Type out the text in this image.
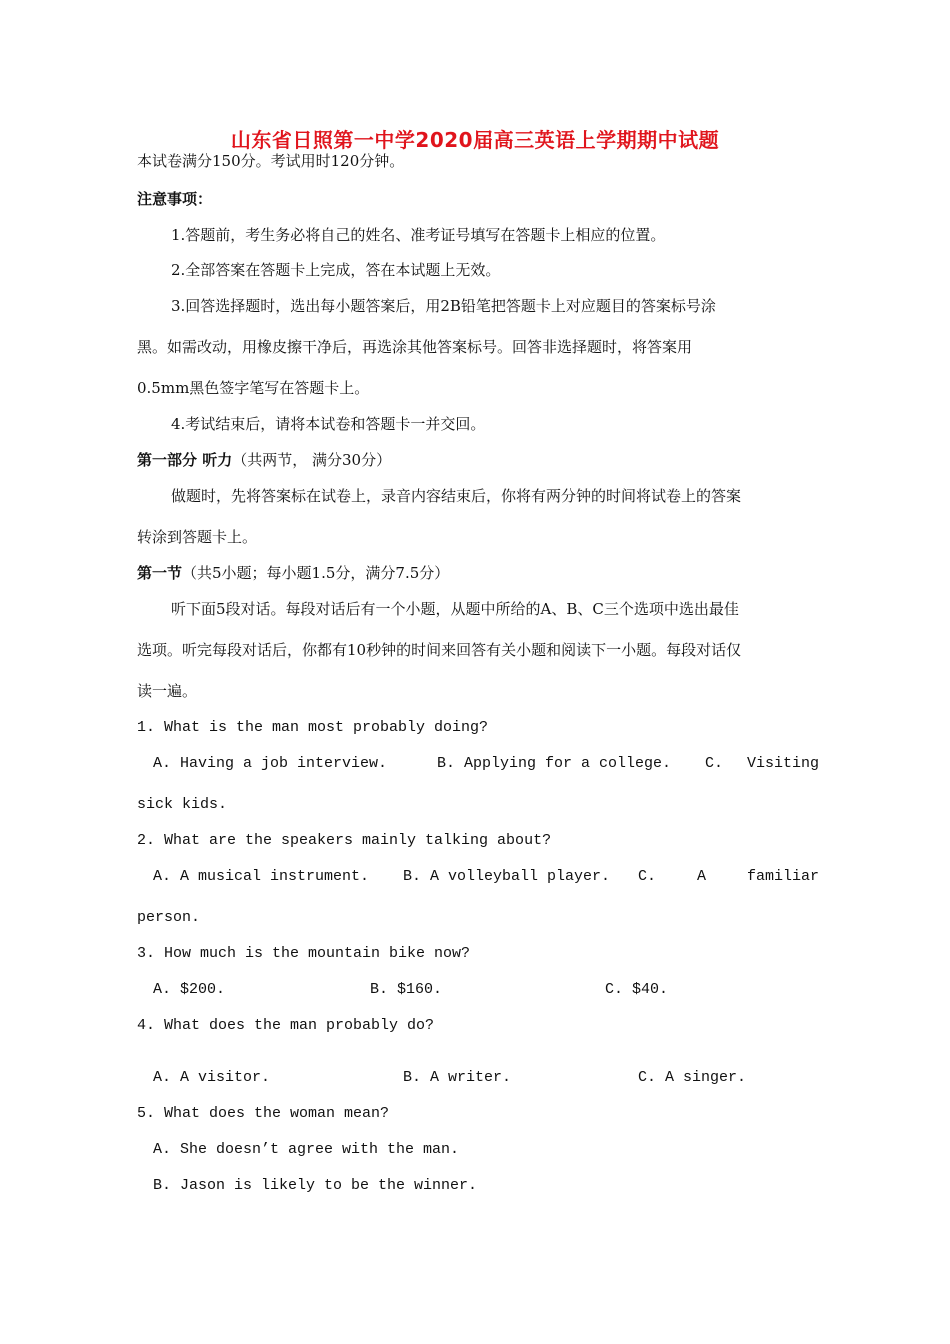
山东省日照第一中学2020届高三英语上学期期中试题
本试卷满分150分。考试用时120分钟。
注意事项：
1.答题前，考生务必将自己的姓名、准考证号填写在答题卡上相应的位置。
2.全部答案在答题卡上完成，答在本试题上无效。
3.回答选择题时，选出每小题答案后，用2B铅笔把答题卡上对应题目的答案标号涂
黑。如需改动，用橡皮擦干净后，再选涂其他答案标号。回答非选择题时，将答案用
0.5mm黑色签字笔写在答题卡上。
4.考试结束后，请将本试卷和答题卡一并交回。
第一部分 听力（共两节， 满分30分）
做题时，先将答案标在试卷上，录音内容结束后，你将有两分钟的时间将试卷上的答案
转涂到答题卡上。
第一节（共5小题；每小题1.5分，满分7.5分）
听下面5段对话。每段对话后有一个小题，从题中所给的A、B、C三个选项中选出最佳
选项。听完每段对话后，你都有10秒钟的时间来回答有关小题和阅读下一小题。每段对话仅
读一遍。
1. What is the man most probably doing?
A. Having a job interview.	B. Applying for a college. C. Visiting
sick kids.
2. What are the speakers mainly talking about?
A. A musical instrument. B. A volleyball player. C.	A	familiar
person.
3. How much is the mountain bike now?
A. $200.	B. $160.	C. $40.
4. What does the man probably do?
A. A visitor.	B. A writer.	C. A singer.
5. What does the woman mean?
A. She doesn’t agree with the man.
B. Jason is likely to be the winner.
